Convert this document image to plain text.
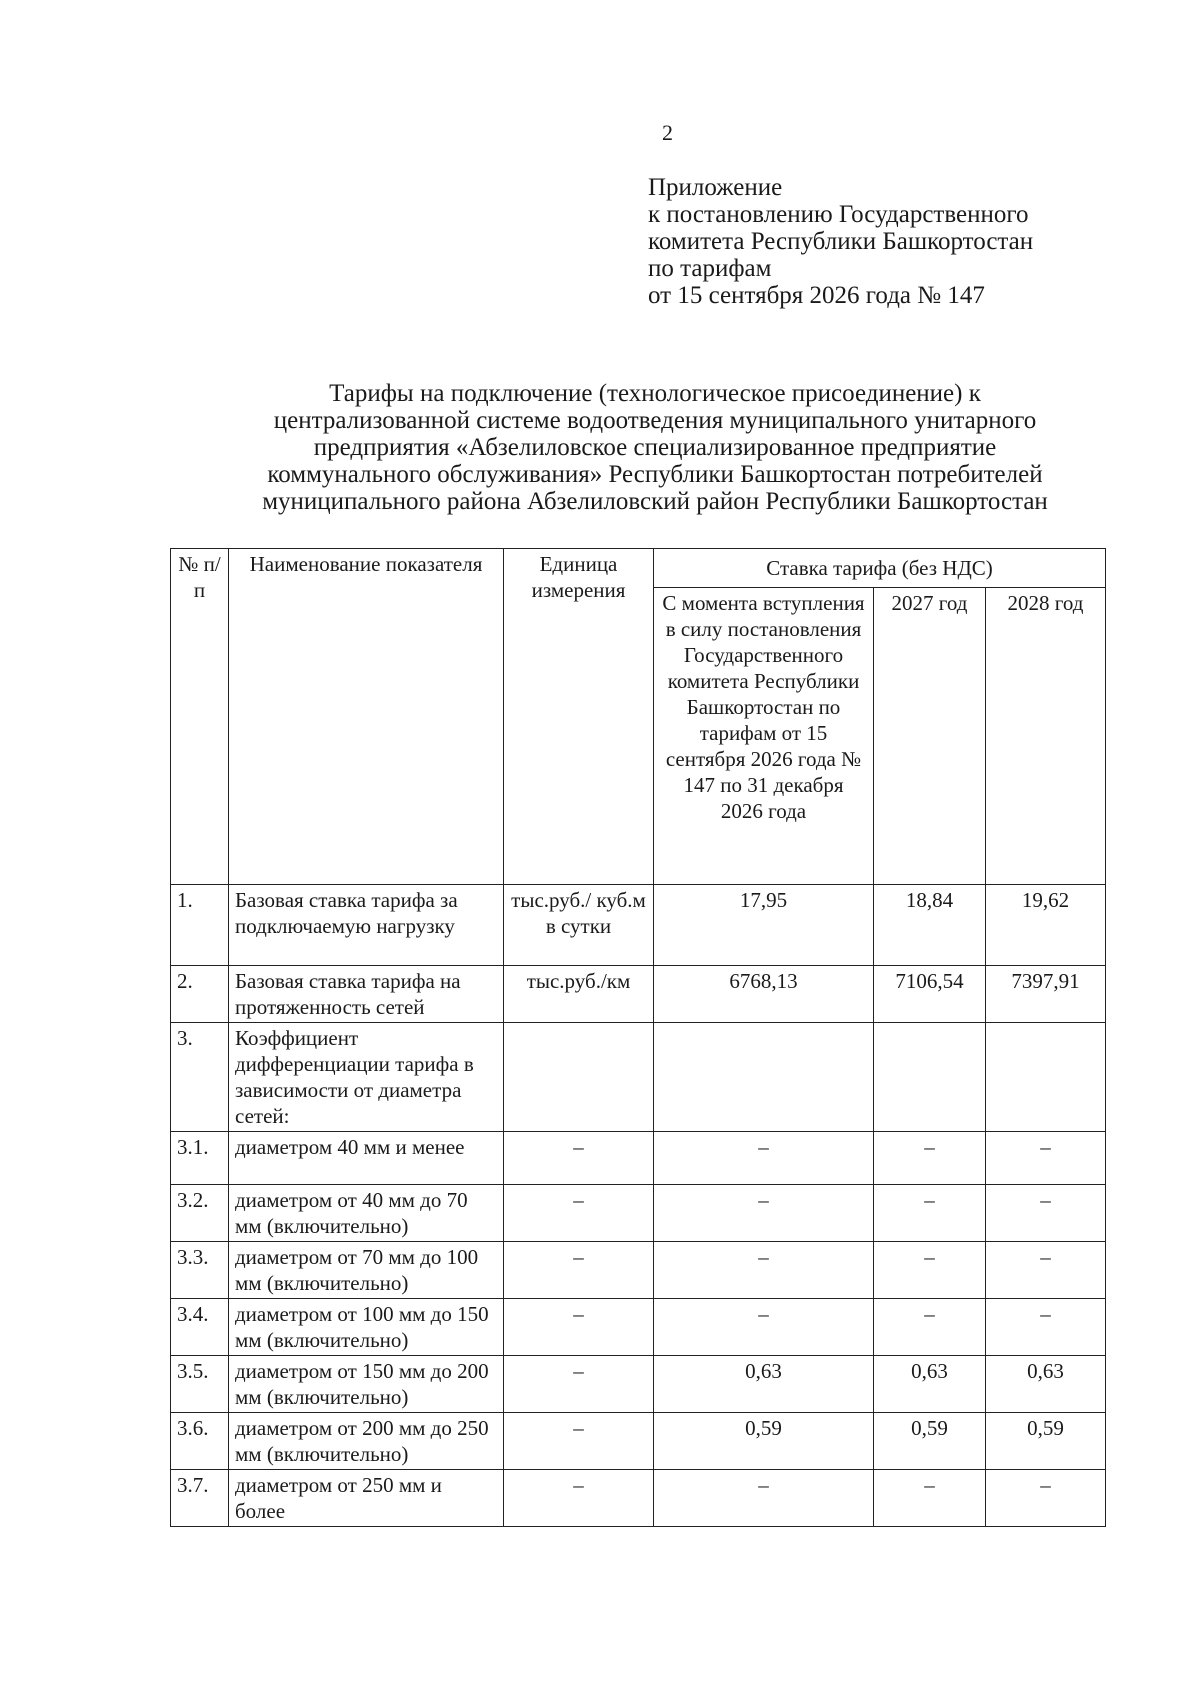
2
Приложение
к постановлению Государственного
комитета Республики Башкортостан
по тарифам
от 15 сентября 2026 года № 147
Тарифы на подключение (технологическое присоединение) к
централизованной системе водоотведения муниципального унитарного
предприятия «Абзелиловское специализированное предприятие
коммунального обслуживания» Республики Башкортостан потребителей
муниципального района Абзелиловский район Республики Башкортостан
№ п/п	Наименование показателя	Единица измерения	Ставка тарифа (без НДС)		
			С момента вступления в силу постановления Государственного комитета Республики Башкортостан по тарифам от 15 сентября 2026 года № 147 по 31 декабря 2026 года	2027 год	2028 год
1.	Базовая ставка тарифа за подключаемую нагрузку	тыс.руб./ куб.м в сутки	17,95	18,84	19,62
2.	Базовая ставка тарифа на протяженность сетей	тыс.руб./км	6768,13	7106,54	7397,91
3.	Коэффициент дифференциации тарифа в зависимости от диаметра сетей:				
3.1.	диаметром 40 мм и менее	–	–	–	–
3.2.	диаметром от 40 мм до 70 мм (включительно)	–	–	–	–
3.3.	диаметром от 70 мм до 100 мм (включительно)	–	–	–	–
3.4.	диаметром от 100 мм до 150 мм (включительно)	–	–	–	–
3.5.	диаметром от 150 мм до 200 мм (включительно)	–	0,63	0,63	0,63
3.6.	диаметром от 200 мм до 250 мм (включительно)	–	0,59	0,59	0,59
3.7.	диаметром от 250 мм и более	–	–	–	–
